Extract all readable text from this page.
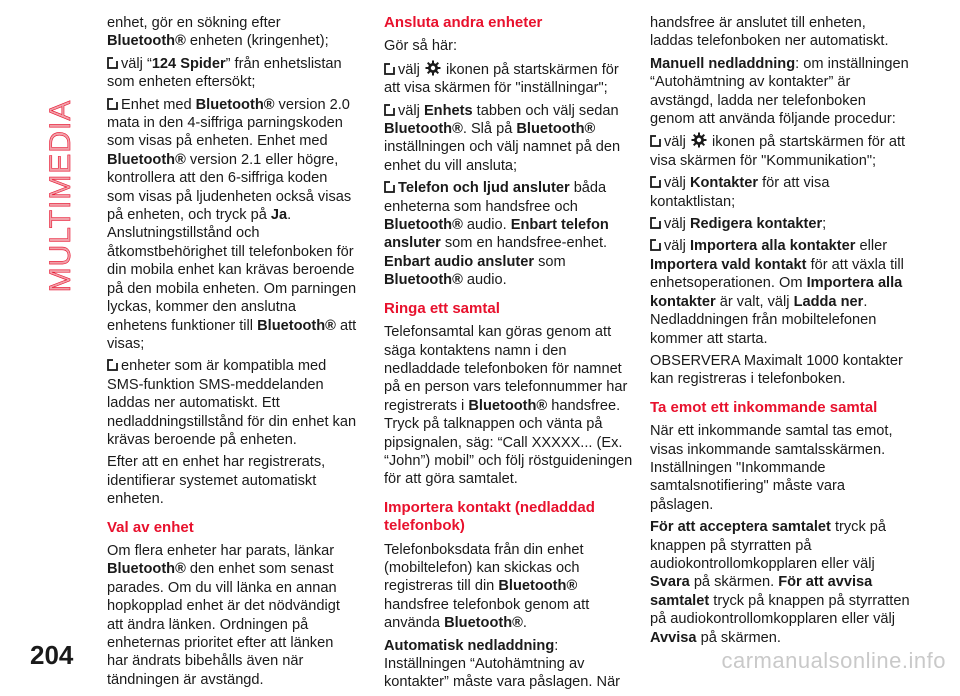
MULTIMEDIA

enhet, gör en sökning efter
Bluetooth® enheten (kringenhet);

välj “124 Spider” från enhetslistan som enheten eftersökt;

Enhet med Bluetooth® version 2.0 mata in den 4-siffriga parningskoden som visas på enheten. Enhet med Bluetooth® version 2.1 eller högre, kontrollera att den 6-siffriga koden som visas på ljudenheten också visas på enheten, och tryck på Ja. Anslutningstillstånd och åtkomstbehörighet till telefonboken för din mobila enhet kan krävas beroende på den mobila enheten. Om parningen lyckas, kommer den anslutna enhetens funktioner till Bluetooth® att visas;

enheter som är kompatibla med SMS-funktion SMS-meddelanden laddas ner automatiskt. Ett nedladdningstillstånd för din enhet kan krävas beroende på enheten.

Efter att en enhet har registrerats, identifierar systemet automatiskt enheten.

Val av enhet

Om flera enheter har parats, länkar Bluetooth® den enhet som senast parades. Om du vill länka en annan hopkopplad enhet är det nödvändigt att ändra länken. Ordningen på enheternas prioritet efter att länken har ändrats bibehålls även när tändningen är avstängd.

Ansluta andra enheter

Gör så här:

välj  ikonen på startskärmen för att visa skärmen för "inställningar";

välj Enhets tabben och välj sedan Bluetooth®. Slå på Bluetooth® inställningen och välj namnet på den enhet du vill ansluta;

Telefon och ljud ansluter båda enheterna som handsfree och Bluetooth® audio. Enbart telefon ansluter som en handsfree-enhet. Enbart audio ansluter som Bluetooth® audio.

Ringa ett samtal

Telefonsamtal kan göras genom att säga kontaktens namn i den nedladdade telefonboken för namnet på en person vars telefonnummer har registrerats i Bluetooth® handsfree. Tryck på talknappen och vänta på pipsignalen, säg: “Call XXXXX... (Ex. “John”) mobil” och följ röstguideningen för att göra samtalet.

Importera kontakt (nedladdad telefonbok)

Telefonboksdata från din enhet (mobiltelefon) kan skickas och registreras till din Bluetooth® handsfree telefonbok genom att använda Bluetooth®.

Automatisk nedladdning: Inställningen “Autohämtning av kontakter” måste vara påslagen. När

handsfree är anslutet till enheten, laddas telefonboken ner automatiskt.

Manuell nedladdning: om inställningen “Autohämtning av kontakter” är avstängd, ladda ner telefonboken genom att använda följande procedur:

välj  ikonen på startskärmen för att visa skärmen för "Kommunikation";

välj Kontakter för att visa kontaktlistan;

välj Redigera kontakter;

välj Importera alla kontakter eller Importera vald kontakt för att växla till enhetsoperationen. Om Importera alla kontakter är valt, välj Ladda ner. Nedladdningen från mobiltelefonen kommer att starta.

OBSERVERA Maximalt 1000 kontakter kan registreras i telefonboken.

Ta emot ett inkommande samtal

När ett inkommande samtal tas emot, visas inkommande samtalsskärmen. Inställningen "Inkommande samtalsnotifiering" måste vara påslagen.

För att acceptera samtalet tryck på knappen på styrratten på audiokontrollomkopplaren eller välj Svara på skärmen. För att avvisa samtalet tryck på knappen på styrratten på audiokontrollomkopplaren eller välj Avvisa på skärmen.

204	carmanualsonline.info
